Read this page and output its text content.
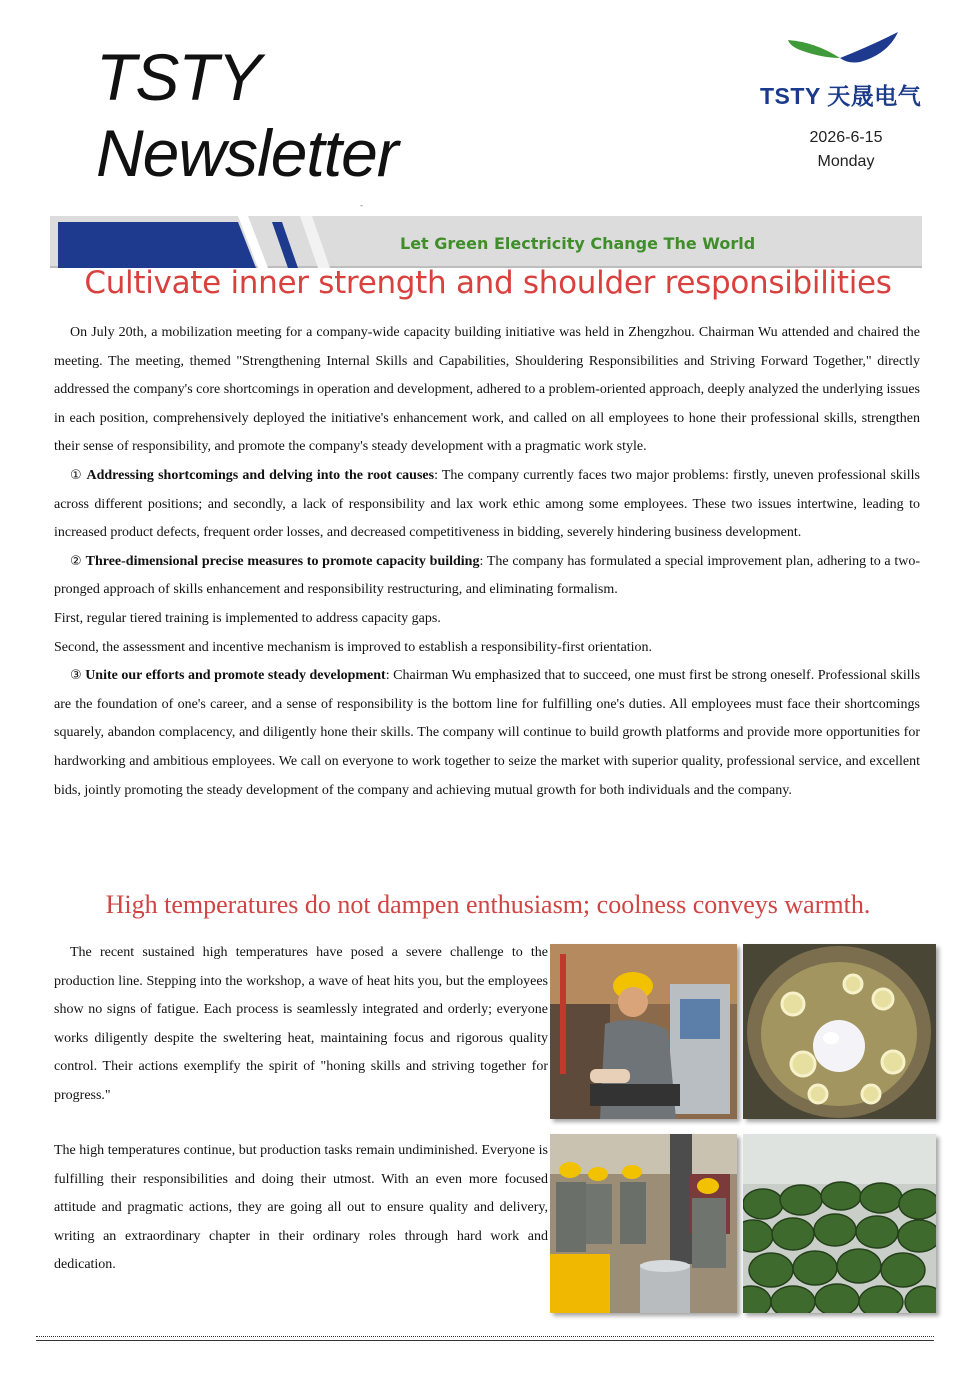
TSTY
Newsletter
TSTY 天晟电气
2026-6-15
Monday
-
Let Green Electricity Change The World
Cultivate inner strength and shoulder responsibilities

On July 20th, a mobilization meeting for a company-wide capacity building initiative was held in Zhengzhou. Chairman Wu attended and chaired the meeting. The meeting, themed "Strengthening Internal Skills and Capabilities, Shouldering Responsibilities and Striving Forward Together," directly addressed the company's core shortcomings in operation and development, adhered to a problem-oriented approach, deeply analyzed the underlying issues in each position, comprehensively deployed the initiative's enhancement work, and called on all employees to hone their professional skills, strengthen their sense of responsibility, and promote the company's steady development with a pragmatic work style.

① Addressing shortcomings and delving into the root causes: The company currently faces two major problems: firstly, uneven professional skills across different positions; and secondly, a lack of responsibility and lax work ethic among some employees. These two issues intertwine, leading to increased product defects, frequent order losses, and decreased competitiveness in bidding, severely hindering business development.

② Three-dimensional precise measures to promote capacity building: The company has formulated a special improvement plan, adhering to a two-pronged approach of skills enhancement and responsibility restructuring, and eliminating formalism.

First, regular tiered training is implemented to address capacity gaps.

Second, the assessment and incentive mechanism is improved to establish a responsibility-first orientation.

③ Unite our efforts and promote steady development: Chairman Wu emphasized that to succeed, one must first be strong oneself. Professional skills are the foundation of one's career, and a sense of responsibility is the bottom line for fulfilling one's duties. All employees must face their shortcomings squarely, abandon complacency, and diligently hone their skills. The company will continue to build growth platforms and provide more opportunities for hardworking and ambitious employees. We call on everyone to work together to seize the market with superior quality, professional service, and excellent bids, jointly promoting the steady development of the company and achieving mutual growth for both individuals and the company.

High temperatures do not dampen enthusiasm; coolness conveys warmth.

The recent sustained high temperatures have posed a severe challenge to the production line. Stepping into the workshop, a wave of heat hits you, but the employees show no signs of fatigue. Each process is seamlessly integrated and orderly; everyone works diligently despite the sweltering heat, maintaining focus and rigorous quality control. Their actions exemplify the spirit of "honing skills and striving together for progress."

The high temperatures continue, but production tasks remain undiminished. Everyone is fulfilling their responsibilities and doing their utmost. With an even more focused attitude and pragmatic actions, they are going all out to ensure quality and delivery, writing an extraordinary chapter in their ordinary roles through hard work and dedication.
